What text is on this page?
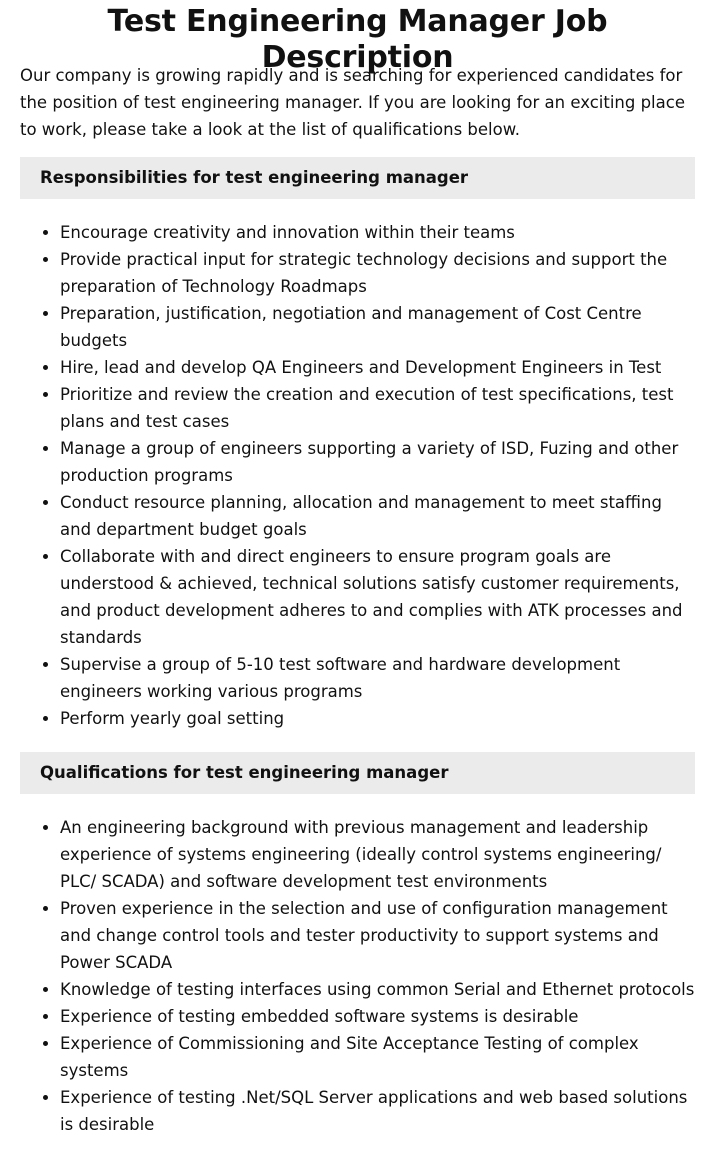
Test Engineering Manager Job Description

Our company is growing rapidly and is searching for experienced candidates for the position of test engineering manager. If you are looking for an exciting place to work, please take a look at the list of qualifications below.

Responsibilities for test engineering manager
• Encourage creativity and innovation within their teams
• Provide practical input for strategic technology decisions and support the preparation of Technology Roadmaps
• Preparation, justification, negotiation and management of Cost Centre budgets
• Hire, lead and develop QA Engineers and Development Engineers in Test
• Prioritize and review the creation and execution of test specifications, test plans and test cases
• Manage a group of engineers supporting a variety of ISD, Fuzing and other production programs
• Conduct resource planning, allocation and management to meet staffing and department budget goals
• Collaborate with and direct engineers to ensure program goals are understood & achieved, technical solutions satisfy customer requirements, and product development adheres to and complies with ATK processes and standards
• Supervise a group of 5-10 test software and hardware development engineers working various programs
• Perform yearly goal setting
Qualifications for test engineering manager
• An engineering background with previous management and leadership experience of systems engineering (ideally control systems engineering/ PLC/ SCADA) and software development test environments
• Proven experience in the selection and use of configuration management and change control tools and tester productivity to support systems and Power SCADA
• Knowledge of testing interfaces using common Serial and Ethernet protocols
• Experience of testing embedded software systems is desirable
• Experience of Commissioning and Site Acceptance Testing of complex systems
• Experience of testing .Net/SQL Server applications and web based solutions is desirable
